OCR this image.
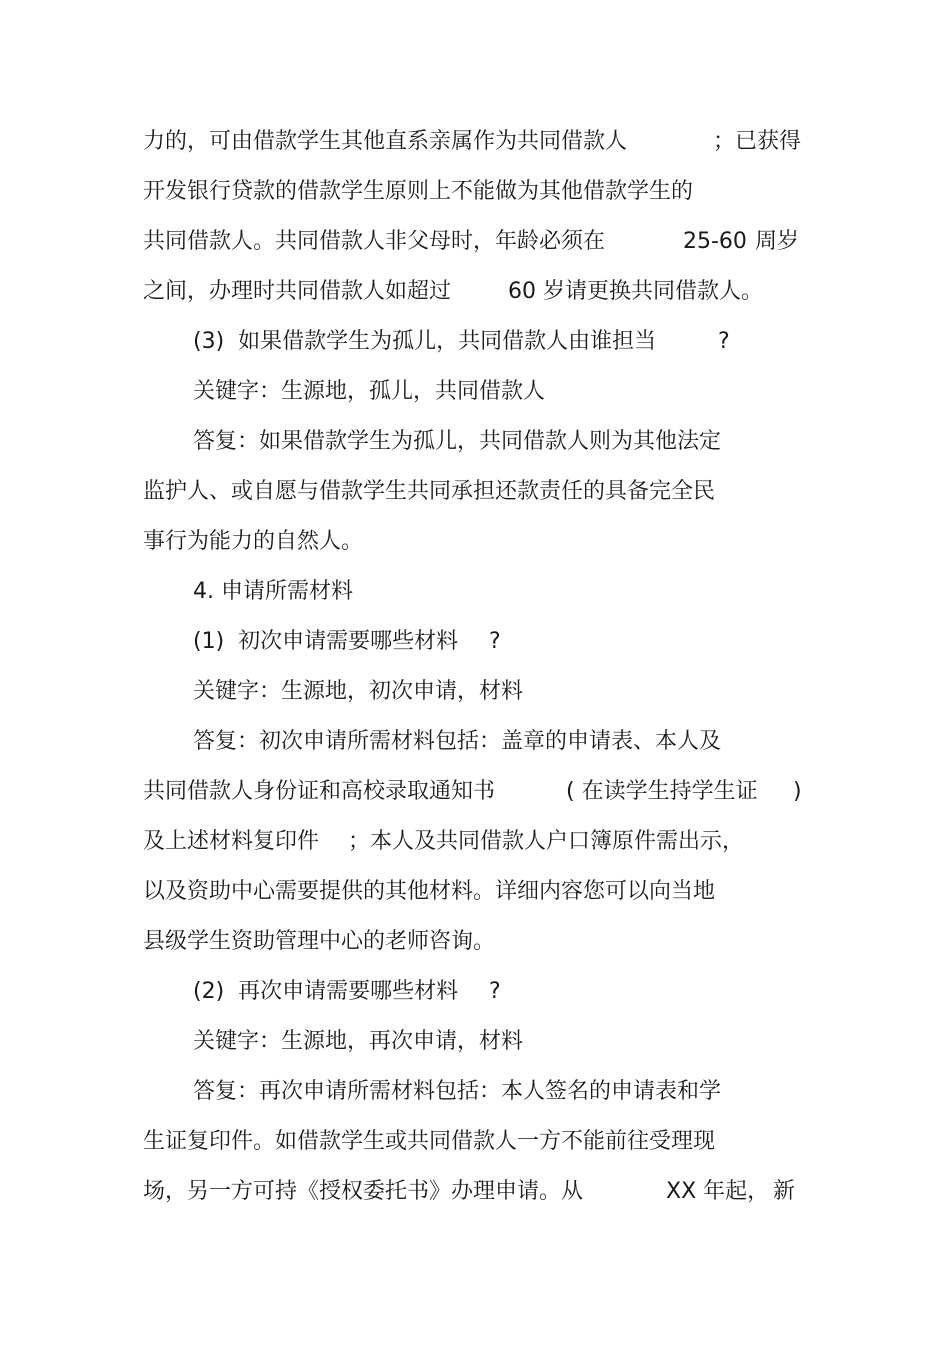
力的，可由借款学生其他直系亲属作为共同借款人

	；已获得

开发银行贷款的借款学生原则上不能做为其他借款学生的

共同借款人。共同借款人非父母时，年龄必须在

	25-60

周岁

之间，办理时共同借款人如超过

	60 岁请更换共同借款人。

(3)  如果借款学生为孤儿，共同借款人由谁担当

	?

关键字：生源地，孤儿，共同借款人
答复：如果借款学生为孤儿，共同借款人则为其他法定
监护人、或自愿与借款学生共同承担还款责任的具备完全民
事行为能力的自然人。
4. 申请所需材料

(1)  初次申请需要哪些材料

?

关键字：生源地，初次申请，材料
答复：初次申请所需材料包括：盖章的申请表、本人及

共同借款人身份证和高校录取通知书

	( 在读学生持学生证

)

及上述材料复印件

；本人及共同借款人户口簿原件需出示，

以及资助中心需要提供的其他材料。详细内容您可以向当地
县级学生资助管理中心的老师咨询。

(2)  再次申请需要哪些材料

?

关键字：生源地，再次申请，材料
答复：再次申请所需材料包括：本人签名的申请表和学
生证复印件。如借款学生或共同借款人一方不能前往受理现

场，另一方可持《授权委托书》办理申请。从

	XX 年起，

新
